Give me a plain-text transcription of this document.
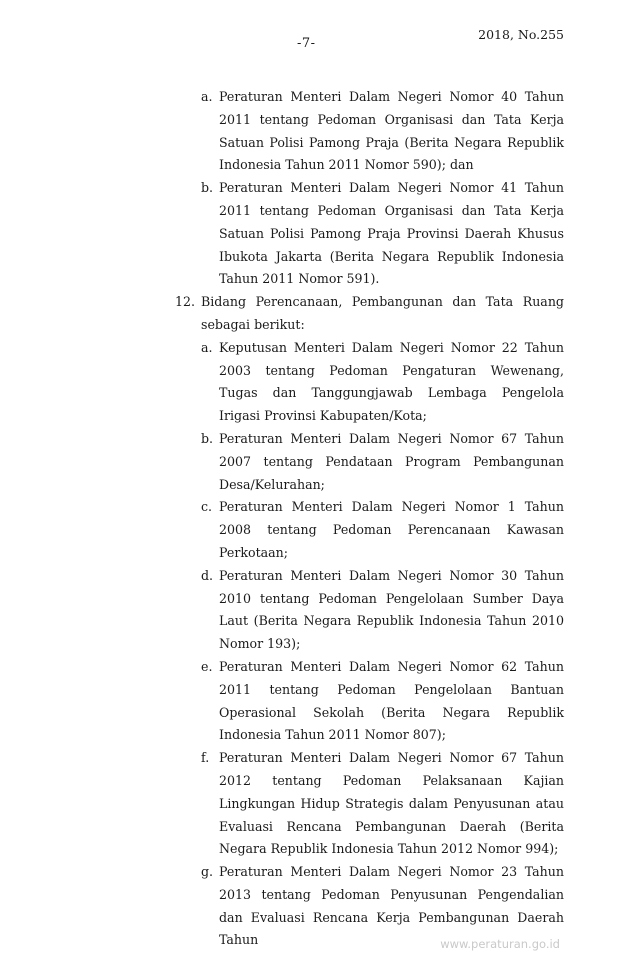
-7-
2018, No.255
a. Peraturan Menteri Dalam Negeri Nomor 40 Tahun 2011 tentang Pedoman Organisasi dan Tata Kerja Satuan Polisi Pamong Praja (Berita Negara Republik Indonesia Tahun 2011 Nomor 590); dan
b. Peraturan Menteri Dalam Negeri Nomor 41 Tahun 2011 tentang Pedoman Organisasi dan Tata Kerja Satuan Polisi Pamong Praja Provinsi Daerah Khusus Ibukota Jakarta (Berita Negara Republik Indonesia Tahun 2011 Nomor 591).
12. Bidang Perencanaan, Pembangunan dan Tata Ruang sebagai berikut:
a. Keputusan Menteri Dalam Negeri Nomor 22 Tahun 2003 tentang Pedoman Pengaturan Wewenang, Tugas dan Tanggungjawab Lembaga Pengelola Irigasi Provinsi Kabupaten/Kota;
b. Peraturan Menteri Dalam Negeri Nomor 67 Tahun 2007 tentang Pendataan Program Pembangunan Desa/Kelurahan;
c. Peraturan Menteri Dalam Negeri Nomor 1 Tahun 2008 tentang Pedoman Perencanaan Kawasan Perkotaan;
d. Peraturan Menteri Dalam Negeri Nomor 30 Tahun 2010 tentang Pedoman Pengelolaan Sumber Daya Laut (Berita Negara Republik Indonesia Tahun 2010 Nomor 193);
e. Peraturan Menteri Dalam Negeri Nomor 62 Tahun 2011 tentang Pedoman Pengelolaan Bantuan Operasional Sekolah (Berita Negara Republik Indonesia Tahun 2011 Nomor 807);
f. Peraturan Menteri Dalam Negeri Nomor 67 Tahun 2012 tentang Pedoman Pelaksanaan Kajian Lingkungan Hidup Strategis dalam Penyusunan atau Evaluasi Rencana Pembangunan Daerah (Berita Negara Republik Indonesia Tahun 2012 Nomor 994);
g. Peraturan Menteri Dalam Negeri Nomor 23 Tahun 2013 tentang Pedoman Penyusunan Pengendalian dan Evaluasi Rencana Kerja Pembangunan Daerah Tahun	www.peraturan.go.id
